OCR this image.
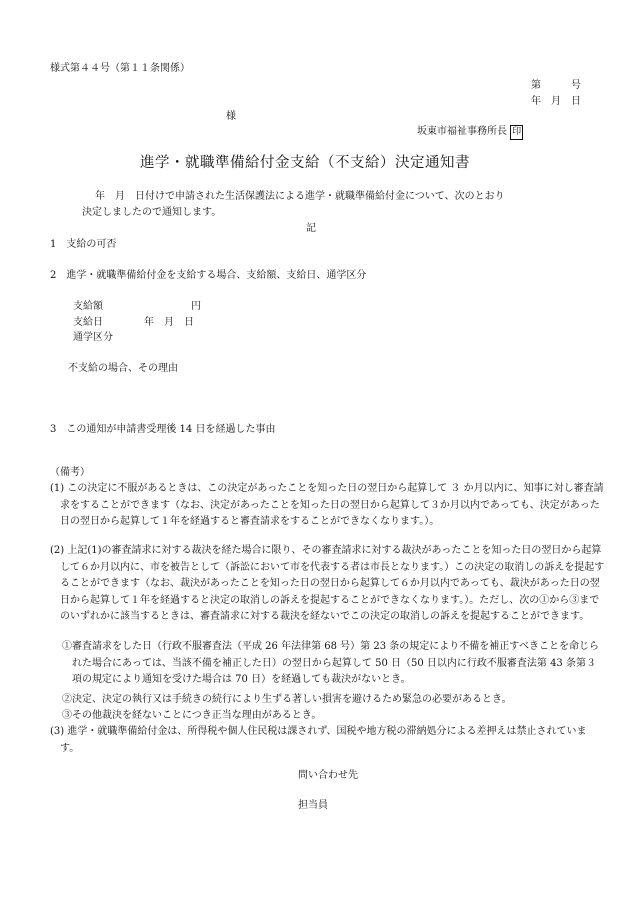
様式第４４号（第１１条関係）
第　　　号
年　月　日
様
坂東市福祉事務所長 印
進学・就職準備給付金支給（不支給）決定通知書
年　月　日付けで申請された生活保護法による進学・就職準備給付金について、次のとおり
決定しましたので通知します。
記
1　支給の可否
2　進学・就職準備給付金を支給する場合、支給額、支給日、通学区分
支給額	円
支給日	年　月　日
通学区分
不支給の場合、その理由
3　この通知が申請書受理後 14 日を経過した事由
（備考）
(1) この決定に不服があるときは、この決定があったことを知った日の翌日から起算して ３ か月以内に、知事に対し審査請求をすることができます（なお、決定があったことを知った日の翌日から起算して３か月以内であっても、決定があった日の翌日から起算して１年を経過すると審査請求をすることができなくなります。）。
(2) 上記(1)の審査請求に対する裁決を経た場合に限り、その審査請求に対する裁決があったことを知った日の翌日から起算して６か月以内に、市を被告として（訴訟において市を代表する者は市長となります。）この決定の取消しの訴えを提起することができます（なお、裁決があったことを知った日の翌日から起算して６か月以内であっても、裁決があった日の翌日から起算して１年を経過すると決定の取消しの訴えを提起することができなくなります。）。ただし、次の①から③までのいずれかに該当するときは、審査請求に対する裁決を経ないでこの決定の取消しの訴えを提起することができます。
①審査請求をした日（行政不服審査法（平成 26 年法律第 68 号）第 23 条の規定により不備を補正すべきことを命じられた場合にあっては、当該不備を補正した日）の翌日から起算して 50 日（50 日以内に行政不服審査法第 43 条第３項の規定により通知を受けた場合は 70 日）を経過しても裁決がないとき。
②決定、決定の執行又は手続きの続行により生ずる著しい損害を避けるため緊急の必要があるとき。
③その他裁決を経ないことにつき正当な理由があるとき。
(3) 進学・就職準備給付金は、所得税や個人住民税は課されず、国税や地方税の滞納処分による差押えは禁止されています。
問い合わせ先
担当員
